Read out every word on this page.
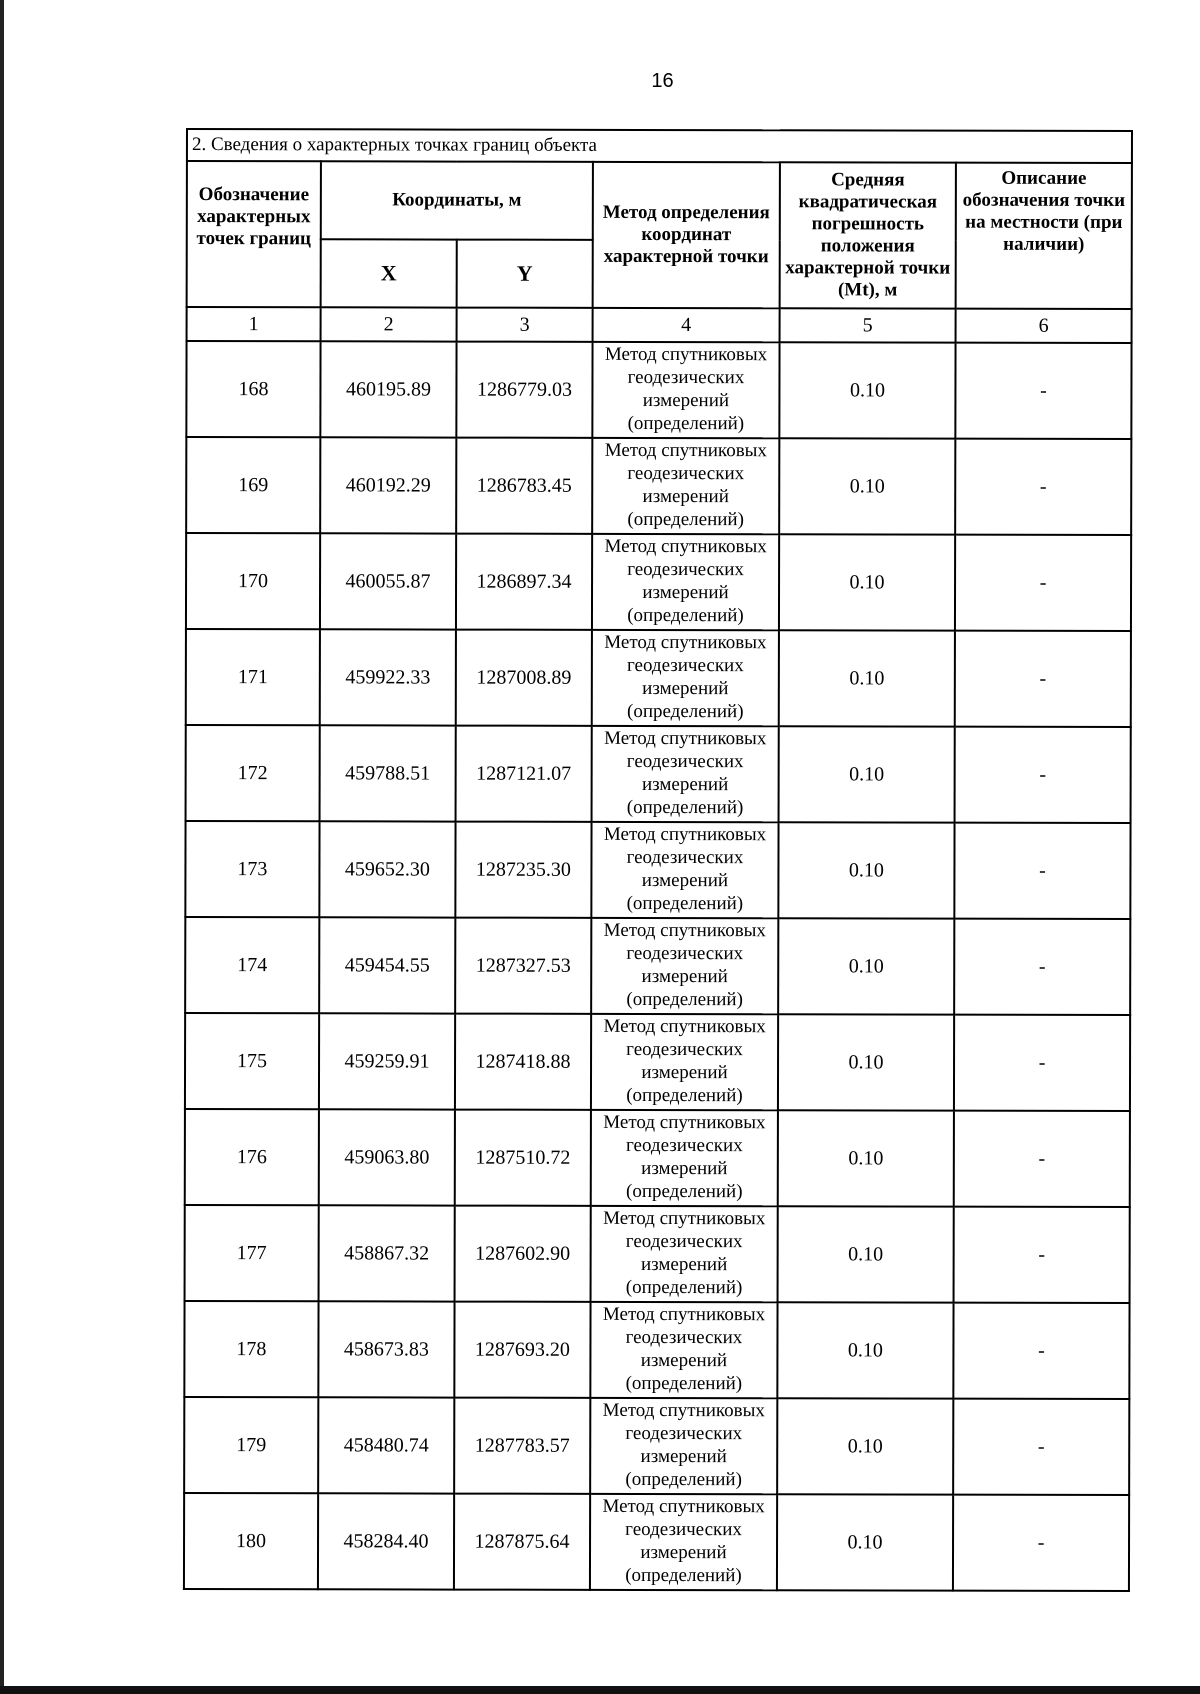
16
2. Сведения о характерных точках границ объекта					
Обозначение характерных точек границ	Координаты, м		Метод определения координат характерной точки	Средняя квадратическая погрешность положения характерной точки (Mt), м	Описание обозначения точки на местности (при наличии)
	X	Y			
1	2	3	4	5	6
168	460195.89	1286779.03	Метод спутниковых геодезических измерений (определений)	0.10	-
169	460192.29	1286783.45	Метод спутниковых геодезических измерений (определений)	0.10	-
170	460055.87	1286897.34	Метод спутниковых геодезических измерений (определений)	0.10	-
171	459922.33	1287008.89	Метод спутниковых геодезических измерений (определений)	0.10	-
172	459788.51	1287121.07	Метод спутниковых геодезических измерений (определений)	0.10	-
173	459652.30	1287235.30	Метод спутниковых геодезических измерений (определений)	0.10	-
174	459454.55	1287327.53	Метод спутниковых геодезических измерений (определений)	0.10	-
175	459259.91	1287418.88	Метод спутниковых геодезических измерений (определений)	0.10	-
176	459063.80	1287510.72	Метод спутниковых геодезических измерений (определений)	0.10	-
177	458867.32	1287602.90	Метод спутниковых геодезических измерений (определений)	0.10	-
178	458673.83	1287693.20	Метод спутниковых геодезических измерений (определений)	0.10	-
179	458480.74	1287783.57	Метод спутниковых геодезических измерений (определений)	0.10	-
180	458284.40	1287875.64	Метод спутниковых геодезических измерений (определений)	0.10	-
